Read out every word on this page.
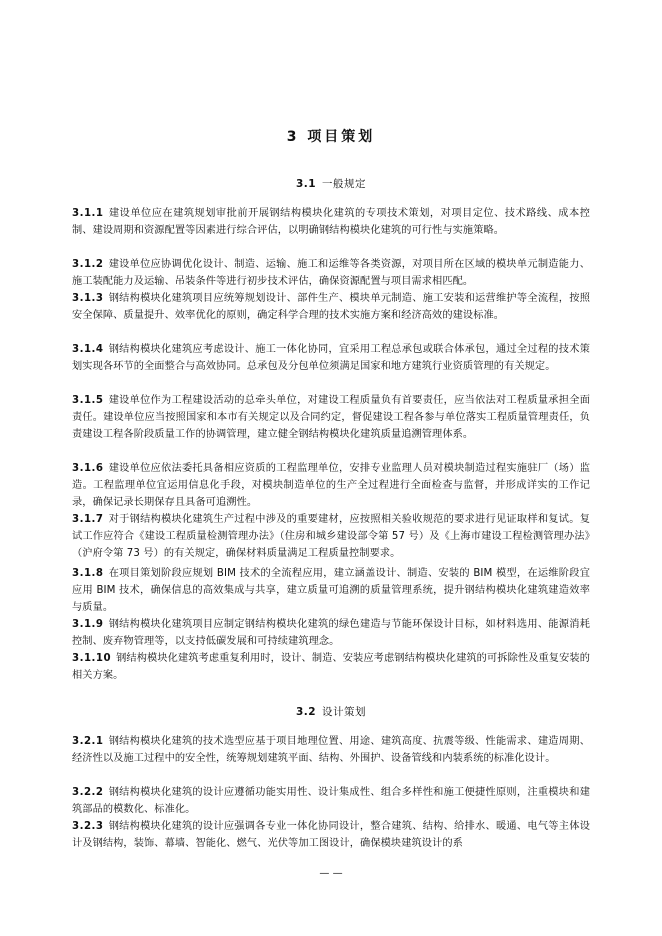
3 项目策划
3.1 一般规定
3.1.1 建设单位应在建筑规划审批前开展钢结构模块化建筑的专项技术策划，对项目定位、技术路线、成本控制、建设周期和资源配置等因素进行综合评估，以明确钢结构模块化建筑的可行性与实施策略。
3.1.2 建设单位应协调优化设计、制造、运输、施工和运维等各类资源，对项目所在区域的模块单元制造能力、施工装配能力及运输、吊装条件等进行初步技术评估，确保资源配置与项目需求相匹配。
3.1.3 钢结构模块化建筑项目应统筹规划设计、部件生产、模块单元制造、施工安装和运营维护等全流程，按照安全保障、质量提升、效率优化的原则，确定科学合理的技术实施方案和经济高效的建设标准。
3.1.4 钢结构模块化建筑应考虑设计、施工一体化协同，宜采用工程总承包或联合体承包，通过全过程的技术策划实现各环节的全面整合与高效协同。总承包及分包单位须满足国家和地方建筑行业资质管理的有关规定。
3.1.5 建设单位作为工程建设活动的总牵头单位，对建设工程质量负有首要责任，应当依法对工程质量承担全面责任。建设单位应当按照国家和本市有关规定以及合同约定，督促建设工程各参与单位落实工程质量管理责任，负责建设工程各阶段质量工作的协调管理，建立健全钢结构模块化建筑质量追溯管理体系。
3.1.6 建设单位应依法委托具备相应资质的工程监理单位，安排专业监理人员对模块制造过程实施驻厂（场）监造。工程监理单位宜运用信息化手段，对模块制造单位的生产全过程进行全面检查与监督，并形成详实的工作记录，确保记录长期保存且具备可追溯性。
3.1.7 对于钢结构模块化建筑生产过程中涉及的重要建材，应按照相关验收规范的要求进行见证取样和复试。复试工作应符合《建设工程质量检测管理办法》（住房和城乡建设部令第 57 号）及《上海市建设工程检测管理办法》（沪府令第 73 号）的有关规定，确保材料质量满足工程质量控制要求。
3.1.8 在项目策划阶段应规划 BIM 技术的全流程应用，建立涵盖设计、制造、安装的 BIM 模型，在运维阶段宜应用 BIM 技术，确保信息的高效集成与共享，建立质量可追溯的质量管理系统，提升钢结构模块化建筑建造效率与质量。
3.1.9 钢结构模块化建筑项目应制定钢结构模块化建筑的绿色建造与节能环保设计目标，如材料选用、能源消耗控制、废弃物管理等，以支持低碳发展和可持续建筑理念。
3.1.10 钢结构模块化建筑考虑重复利用时，设计、制造、安装应考虑钢结构模块化建筑的可拆除性及重复安装的相关方案。
3.2 设计策划
3.2.1 钢结构模块化建筑的技术选型应基于项目地理位置、用途、建筑高度、抗震等级、性能需求、建造周期、经济性以及施工过程中的安全性，统筹规划建筑平面、结构、外围护、设备管线和内装系统的标准化设计。
3.2.2 钢结构模块化建筑的设计应遵循功能实用性、设计集成性、组合多样性和施工便捷性原则，注重模块和建筑部品的模数化、标准化。
3.2.3 钢结构模块化建筑的设计应强调各专业一体化协同设计，整合建筑、结构、给排水、暖通、电气等主体设计及钢结构，装饰、幕墙、智能化、燃气、光伏等加工图设计，确保模块建筑设计的系
— —
